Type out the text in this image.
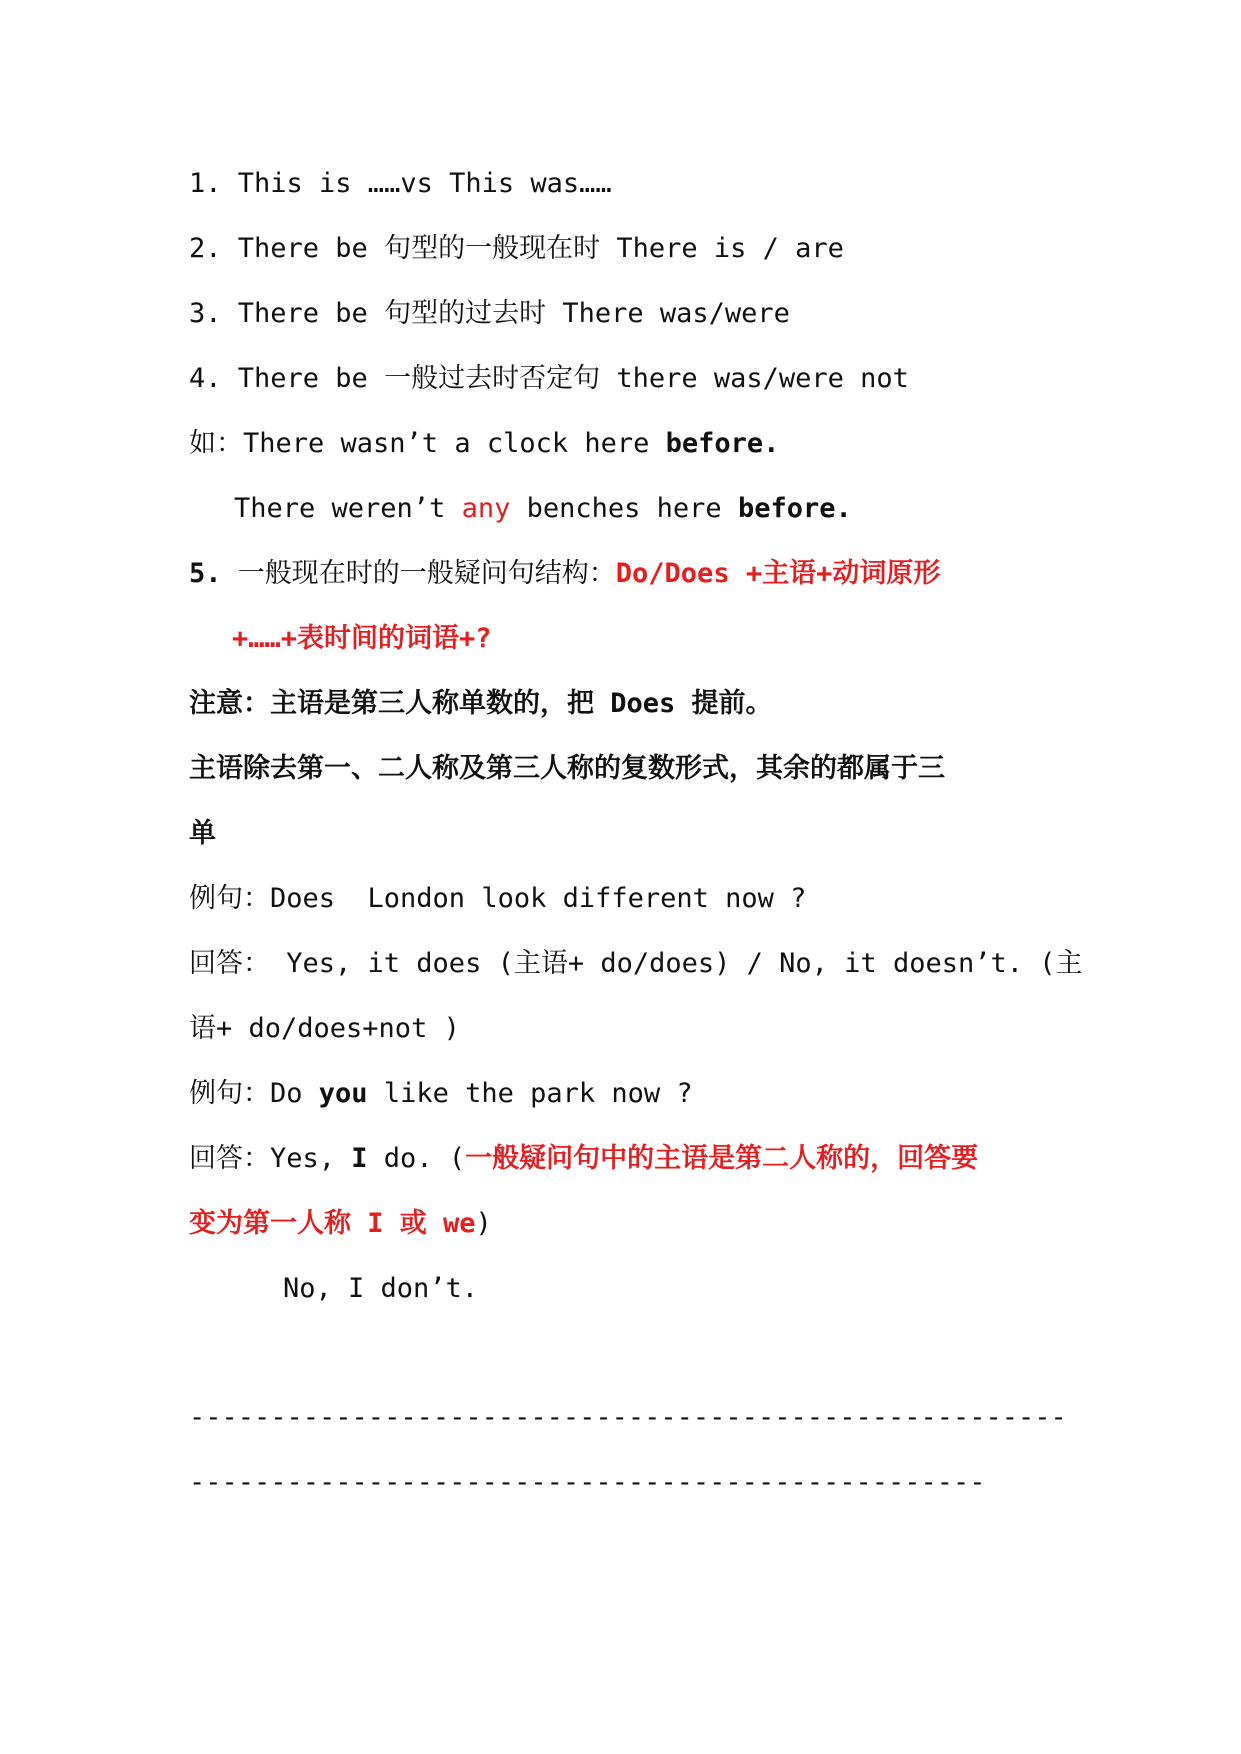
1. This is ……vs This was……
2. There be 句型的一般现在时 There is / are
3. There be 句型的过去时 There was/were
4. There be 一般过去时否定句 there was/were not
如：There wasn’t a clock here before.
There weren’t any benches here before.
5. 一般现在时的一般疑问句结构：Do/Does +主语+动词原形
+……+表时间的词语+?
注意：主语是第三人称单数的，把 Does 提前。
主语除去第一、二人称及第三人称的复数形式，其余的都属于三
单
例句：Does  London look different now ?
回答： Yes, it does (主语+ do/does) / No, it doesn’t. (主
语+ do/does+not )
例句：Do you like the park now ?
回答：Yes, I do. (一般疑问句中的主语是第二人称的，回答要
变为第一人称 I 或 we)
No, I don’t.
------------------------------------------------------
-------------------------------------------------
